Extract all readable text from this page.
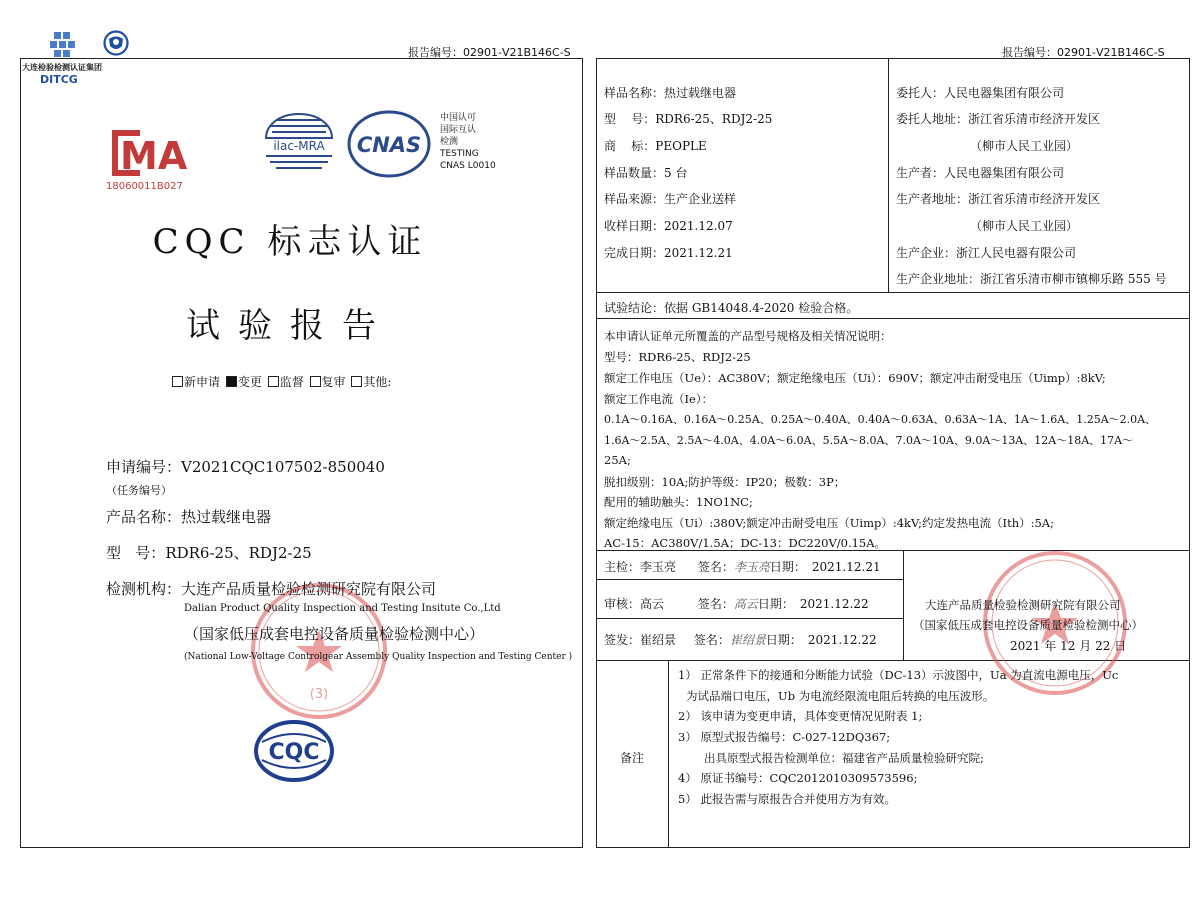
大连检验检测认证集团
DITCG
报告编号：02901-V21B146C-S
MA
18060011B027
ilac-MRA CNAS
中国认可
国际互认
检测
TESTING
CNAS L0010
CQC 标志认证
试验报告
新申请 变更 监督 复审 其他:
申请编号：V2021CQC107502-850040
（任务编号）
产品名称：热过载继电器
型   号：RDR6-25、RDJ2-25
(3)
检测机构：大连产品质量检验检测研究院有限公司
Dalian Product Quality Inspection and Testing Insitute Co.,Ltd
（国家低压成套电控设备质量检验检测中心）
(National Low-Voltage Controlgear Assembly Quality Inspection and Testing Center )
CQC
报告编号：02901-V21B146C-S
样品名称：热过载继电器
型    号：RDR6-25、RDJ2-25
商    标：PEOPLE
样品数量：5 台
样品来源：生产企业送样
收样日期：2021.12.07
完成日期：2021.12.21
委托人：人民电器集团有限公司
委托人地址：浙江省乐清市经济开发区
（柳市人民工业园）
生产者：人民电器集团有限公司
生产者地址：浙江省乐清市经济开发区
（柳市人民工业园）
生产企业：浙江人民电器有限公司
生产企业地址：浙江省乐清市柳市镇柳乐路 555 号
试验结论：依据 GB14048.4-2020 检验合格。
本申请认证单元所覆盖的产品型号规格及相关情况说明：
型号：RDR6-25、RDJ2-25
额定工作电压（Ue）：AC380V；额定绝缘电压（Ui）：690V；额定冲击耐受电压（Uimp）:8kV;
额定工作电流（Ie）：
0.1A～0.16A、0.16A～0.25A、0.25A～0.40A、0.40A～0.63A、0.63A～1A、1A～1.6A、1.25A～2.0A、
1.6A～2.5A、2.5A～4.0A、4.0A～6.0A、5.5A～8.0A、7.0A～10A、9.0A～13A、12A～18A、17A～
25A;
脱扣级别：10A;防护等级：IP20；极数：3P；
配用的辅助触头：1NO1NC;
额定绝缘电压（Ui）:380V;额定冲击耐受电压（Uimp）:4kV;约定发热电流（Ith）:5A;
AC-15：AC380V/1.5A；DC-13：DC220V/0.15A。
主检：李玉亮 签名：李玉亮日期： 2021.12.21
审核：高云	签名：高云日期： 2021.12.22
签发：崔绍景 签名：崔绍景日期： 2021.12.22
大连产品质量检验检测研究院有限公司
（国家低压成套电控设备质量检验检测中心）
2021 年 12 月 22 日
备注
1） 正常条件下的接通和分断能力试验（DC-13）示波图中，Ua 为直流电源电压，Uc
为试品端口电压，Ub 为电流经限流电阻后转换的电压波形。
2） 该申请为变更申请，具体变更情况见附表 1;
3） 原型式报告编号：C-027-12DQ367;
出具原型式报告检测单位：福建省产品质量检验研究院;
4） 原证书编号：CQC2012010309573596;
5） 此报告需与原报告合并使用方为有效。
